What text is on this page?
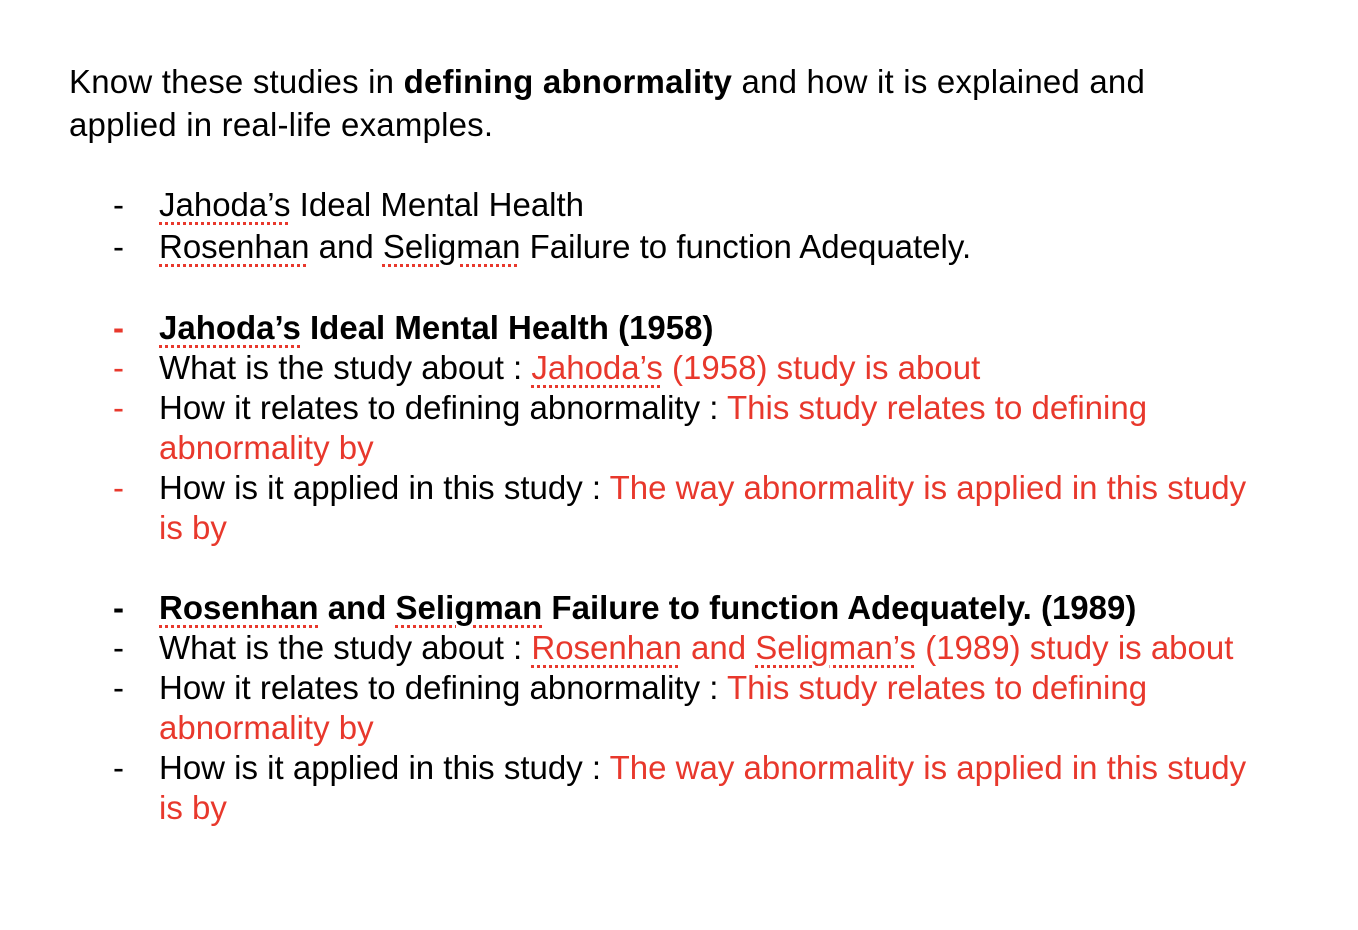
Know these studies in defining abnormality and how it is explained and applied in real-life examples.
- Jahoda’s Ideal Mental Health
- Rosenhan and Seligman Failure to function Adequately.
- Jahoda’s Ideal Mental Health (1958)
- What is the study about : Jahoda’s (1958) study is about
- How it relates to defining abnormality : This study relates to defining abnormality by
- How is it applied in this study : The way abnormality is applied in this study is by
- Rosenhan and Seligman Failure to function Adequately. (1989)
- What is the study about : Rosenhan and Seligman’s (1989) study is about
- How it relates to defining abnormality : This study relates to defining abnormality by
- How is it applied in this study : The way abnormality is applied in this study is by
